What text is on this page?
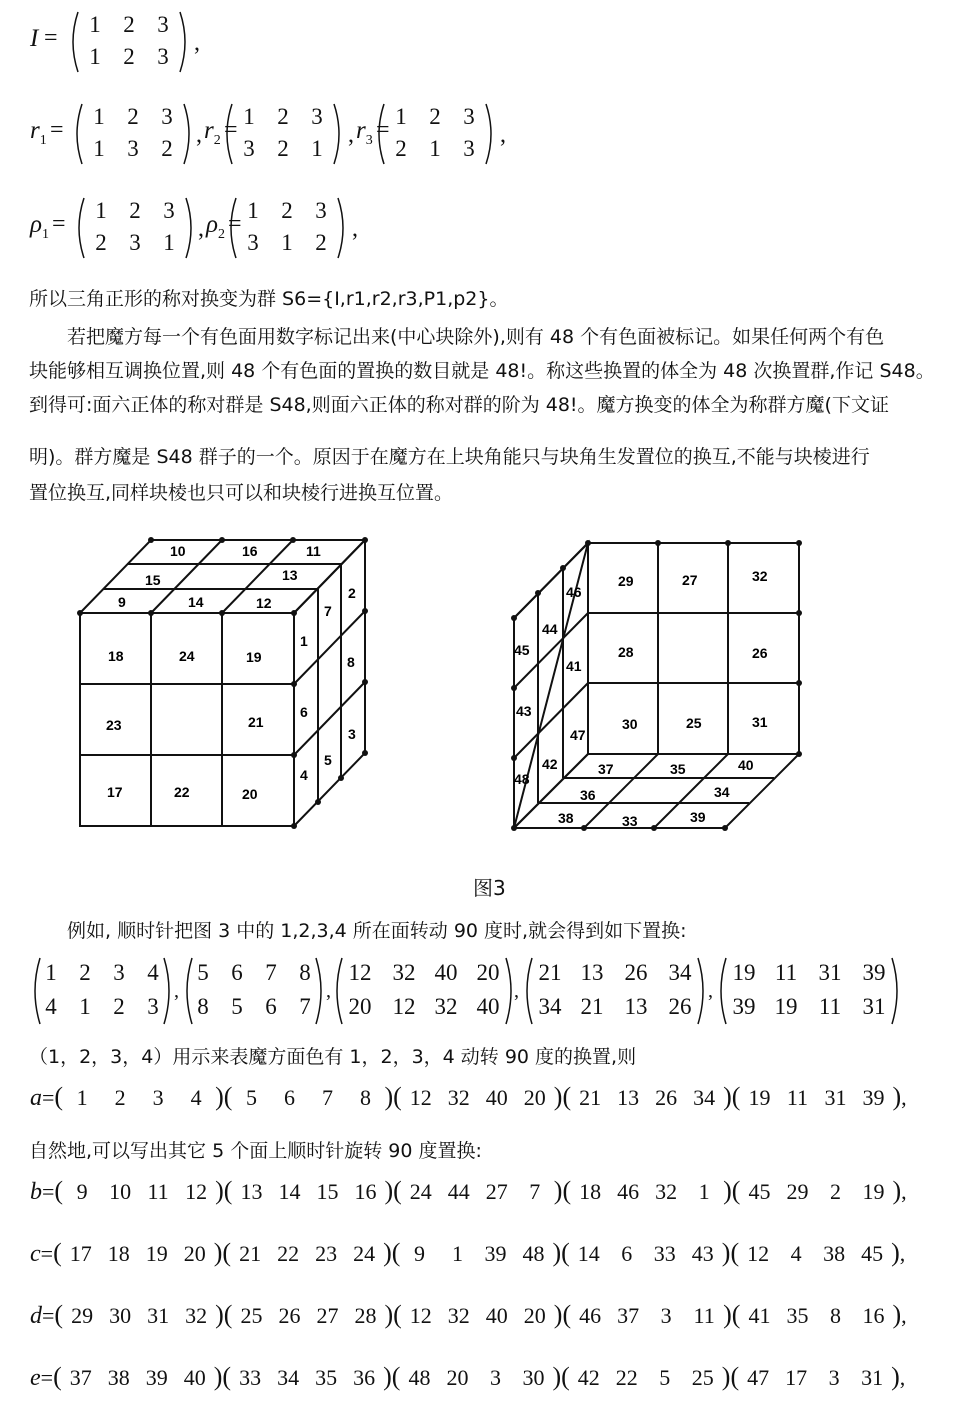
I =
1 2 3
1 2 3
,
$r_1$ =
1 2 3
1 3 2
, $r_2$ =
1 2 3
3 2 1
, $r_3$ =
1 2 3
2 1 3
,
$\rho_1$ =
1 2 3
2 3 1
, $\rho_2$ =
1 2 3
3 1 2
,
所以三角正形的称对换变为群 S6={I,r1,r2,r3,P1,p2}。
　　若把魔方每一个有色面用数字标记出来(中心块除外),则有 48 个有色面被标记。如果任何两个有色
块能够相互调换位置,则 48 个有色面的置换的数目就是 48!。称这些换置的体全为 48 次换置群,作记 S48。
到得可:面六正体的称对群是 S48,则面六正体的称对群的阶为 48!。魔方换变的体全为称群方魔(下文证
明)。群方魔是 S48 群子的一个。原因于在魔方在上块角能只与块角生发置位的换互,不能与块棱进行
置位换互,同样块棱也只可以和块棱行进换互位置。
10	16	11
15	13
9	14	12
18	24	19
23	21
17	22	20
7
2
1
8
6
3
5
4
29	27	32
28	26
30	25	31
46
44
45
41
43
47
42
48
37	35	40
36	34
38	33	39
图3
　　例如, 顺时针把图 3 中的 1,2,3,4 所在面转动 90 度时,就会得到如下置换:
1 2 3 4
4 1 2 3
,
5 6 7 8
8 5 6 7
,
12 32 40 20
20 12 32 40
,
21 13 26 34
34 21 13 26
,
19 11 31 39
39 19 11 31
（1，2，3，4）用示来表魔方面色有 1，2，3，4 动转 90 度的换置,则
a=( 1 2 3 4 )( 5 6 7 8 )( 12 32 40 20 )( 21 13 26 34 )( 19 11 31 39 ),
自然地,可以写出其它 5 个面上顺时针旋转 90 度置换:
b=( 9 10 11 12 )( 13 14 15 16 )( 24 44 27 7 )( 18 46 32 1 )( 45 29 2 19 ),
c=( 17 18 19 20 )( 21 22 23 24 )( 9 1 39 48 )( 14 6 33 43 )( 12 4 38 45 ),
d=( 29 30 31 32 )( 25 26 27 28 )( 12 32 40 20 )( 46 37 3 11 )( 41 35 8 16 ),
e=( 37 38 39 40 )( 33 34 35 36 )( 48 20 3 30 )( 42 22 5 25 )( 47 17 3 31 ),
